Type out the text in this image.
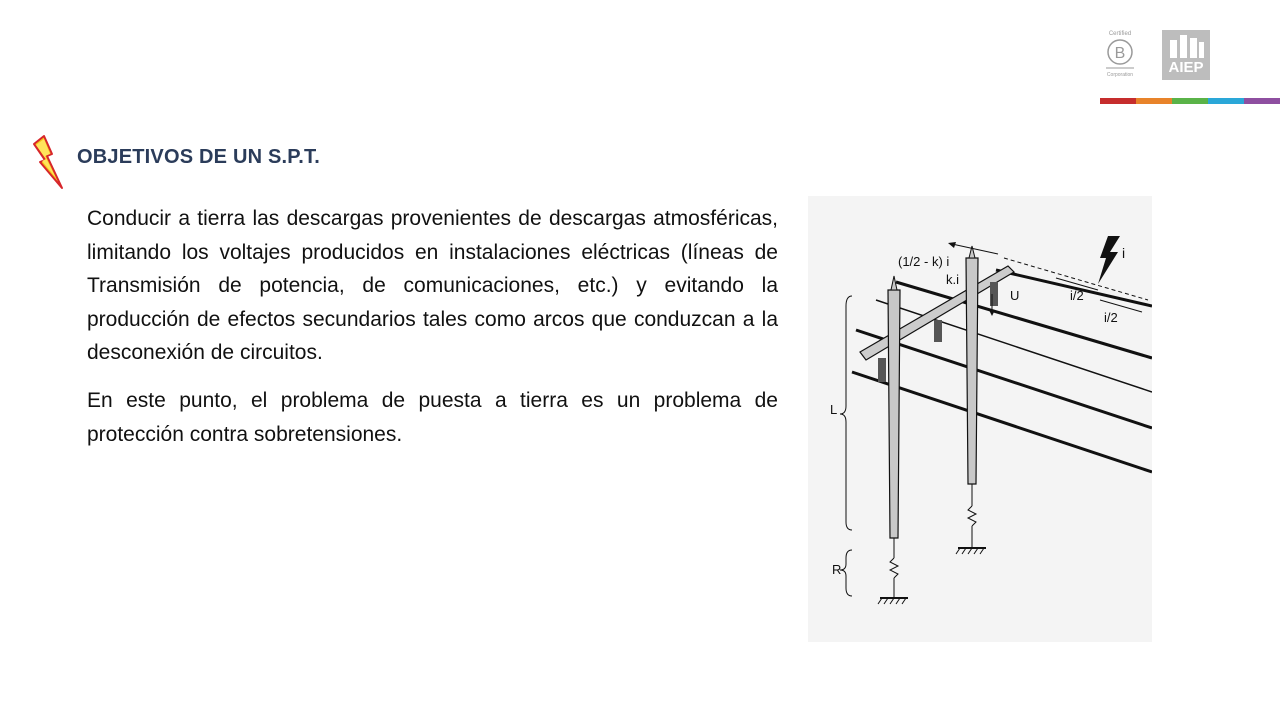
Certified
B
Corporation	AIEP
OBJETIVOS DE UN S.P.T.

Conducir a tierra las descargas provenientes de descargas atmosféricas, limitando los voltajes producidos en instalaciones eléctricas (líneas de Transmisión de potencia, de comunicaciones, etc.) y evitando la producción de efectos secundarios tales como arcos que conduzcan a la desconexión de circuitos.

En este punto, el problema de puesta a tierra es un problema de protección contra sobretensiones.

(1/2 - k) i
k.i
i
U	i/2
i/2
L
R
